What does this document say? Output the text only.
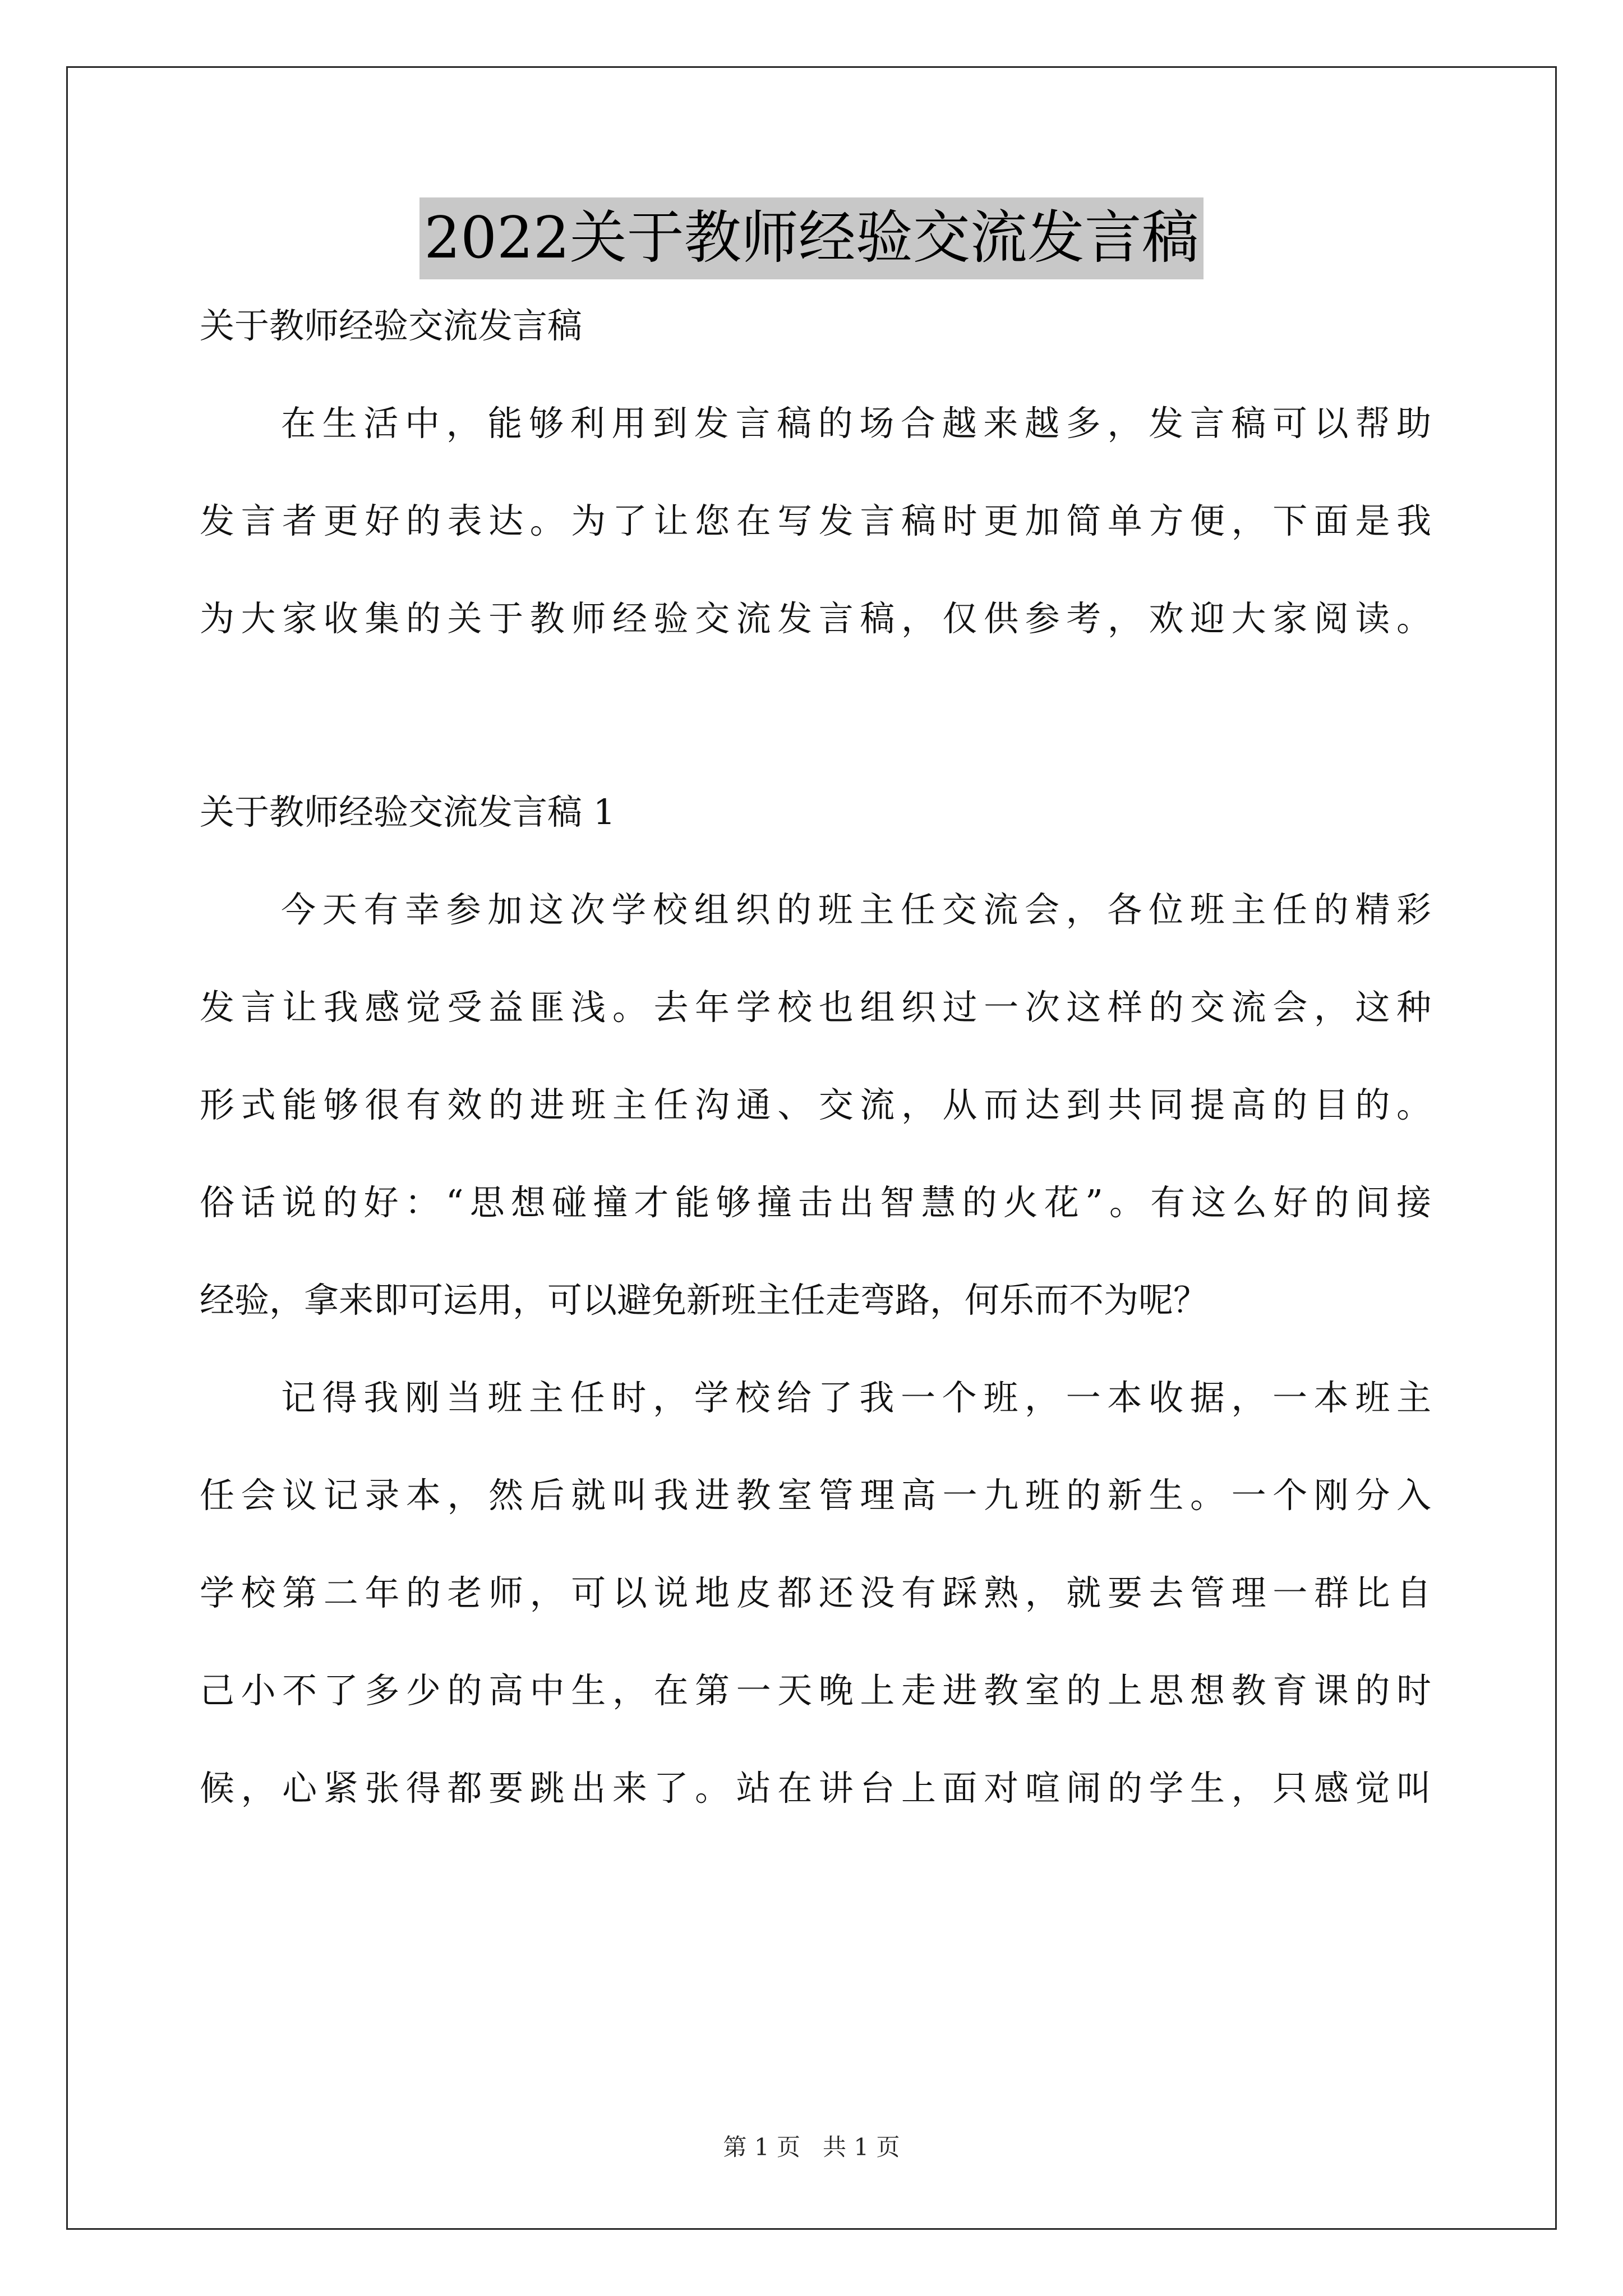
2022关于教师经验交流发言稿

关于教师经验交流发言稿

在生活中，能够利用到发言稿的场合越来越多，发言稿可以帮助

发言者更好的表达。为了让您在写发言稿时更加简单方便，下面是我

为大家收集的关于教师经验交流发言稿，仅供参考，欢迎大家阅读。

关于教师经验交流发言稿 1

今天有幸参加这次学校组织的班主任交流会，各位班主任的精彩

发言让我感觉受益匪浅。去年学校也组织过一次这样的交流会，这种

形式能够很有效的进班主任沟通、交流，从而达到共同提高的目的。

俗话说的好：“思想碰撞才能够撞击出智慧的火花”。有这么好的间接

经验，拿来即可运用，可以避免新班主任走弯路，何乐而不为呢？

记得我刚当班主任时，学校给了我一个班，一本收据，一本班主

任会议记录本，然后就叫我进教室管理高一九班的新生。一个刚分入

学校第二年的老师，可以说地皮都还没有踩熟，就要去管理一群比自

己小不了多少的高中生，在第一天晚上走进教室的上思想教育课的时

候，心紧张得都要跳出来了。站在讲台上面对喧闹的学生，只感觉叫

第 1 页   共 1 页
